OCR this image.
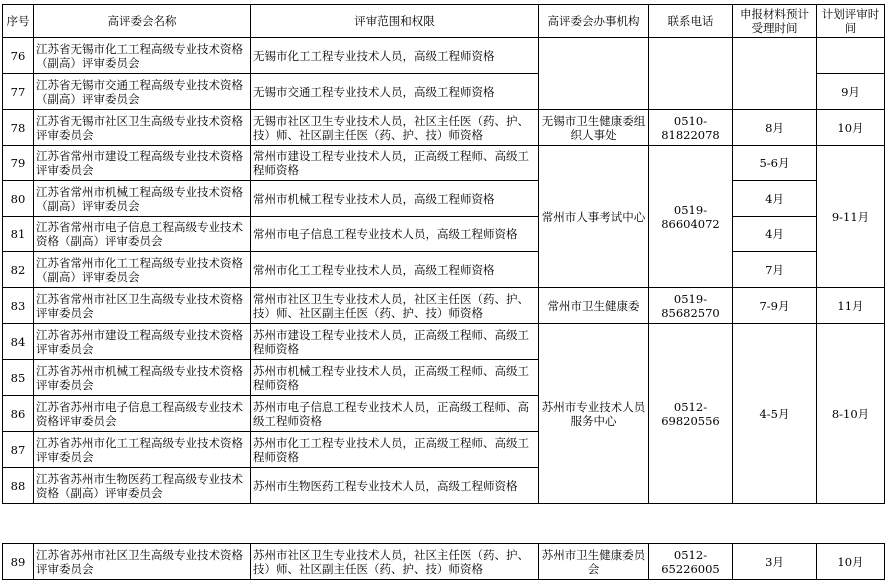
序号	高评委会名称	评审范围和权限	高评委会办事机构	联系电话	申报材料预计受理时间	计划评审时间
76	江苏省无锡市化工工程高级专业技术资格（副高）评审委员会	无锡市化工工程专业技术人员，高级工程师资格				
77	江苏省无锡市交通工程高级专业技术资格（副高）评审委员会	无锡市交通工程专业技术人员，高级工程师资格				9月
78	江苏省无锡市社区卫生高级专业技术资格评审委员会	无锡市社区卫生专业技术人员，社区主任医（药、护、技）师、社区副主任医（药、护、技）师资格	无锡市卫生健康委组织人事处	0510-81822078	8月	10月
79	江苏省常州市建设工程高级专业技术资格评审委员会	常州市建设工程专业技术人员，正高级工程师、高级工程师资格	常州市人事考试中心	0519-86604072	5-6月	9-11月
80	江苏省常州市机械工程高级专业技术资格（副高）评审委员会	常州市机械工程专业技术人员，高级工程师资格			4月	
81	江苏省常州市电子信息工程高级专业技术资格（副高）评审委员会	常州市电子信息工程专业技术人员，高级工程师资格			4月	
82	江苏省常州市化工工程高级专业技术资格（副高）评审委员会	常州市化工工程专业技术人员，高级工程师资格			7月	
83	江苏省常州市社区卫生高级专业技术资格评审委员会	常州市社区卫生专业技术人员，社区主任医（药、护、技）师、社区副主任医（药、护、技）师资格	常州市卫生健康委	0519-85682570	7-9月	11月
84	江苏省苏州市建设工程高级专业技术资格评审委员会	苏州市建设工程专业技术人员，正高级工程师、高级工程师资格	苏州市专业技术人员服务中心	0512-69820556	4-5月	8-10月
85	江苏省苏州市机械工程高级专业技术资格评审委员会	苏州市机械工程专业技术人员，正高级工程师、高级工程师资格				
86	江苏省苏州市电子信息工程高级专业技术资格评审委员会	苏州市电子信息工程专业技术人员，正高级工程师、高级工程师资格				
87	江苏省苏州市化工工程高级专业技术资格评审委员会	苏州市化工工程专业技术人员，正高级工程师、高级工程师资格				
88	江苏省苏州市生物医药工程高级专业技术资格（副高）评审委员会	苏州市生物医药工程专业技术人员，高级工程师资格				
89	江苏省苏州市社区卫生高级专业技术资格评审委员会	苏州市社区卫生专业技术人员，社区主任医（药、护、技）师、社区副主任医（药、护、技）师资格	苏州市卫生健康委员会	0512-65226005	3月	10月
